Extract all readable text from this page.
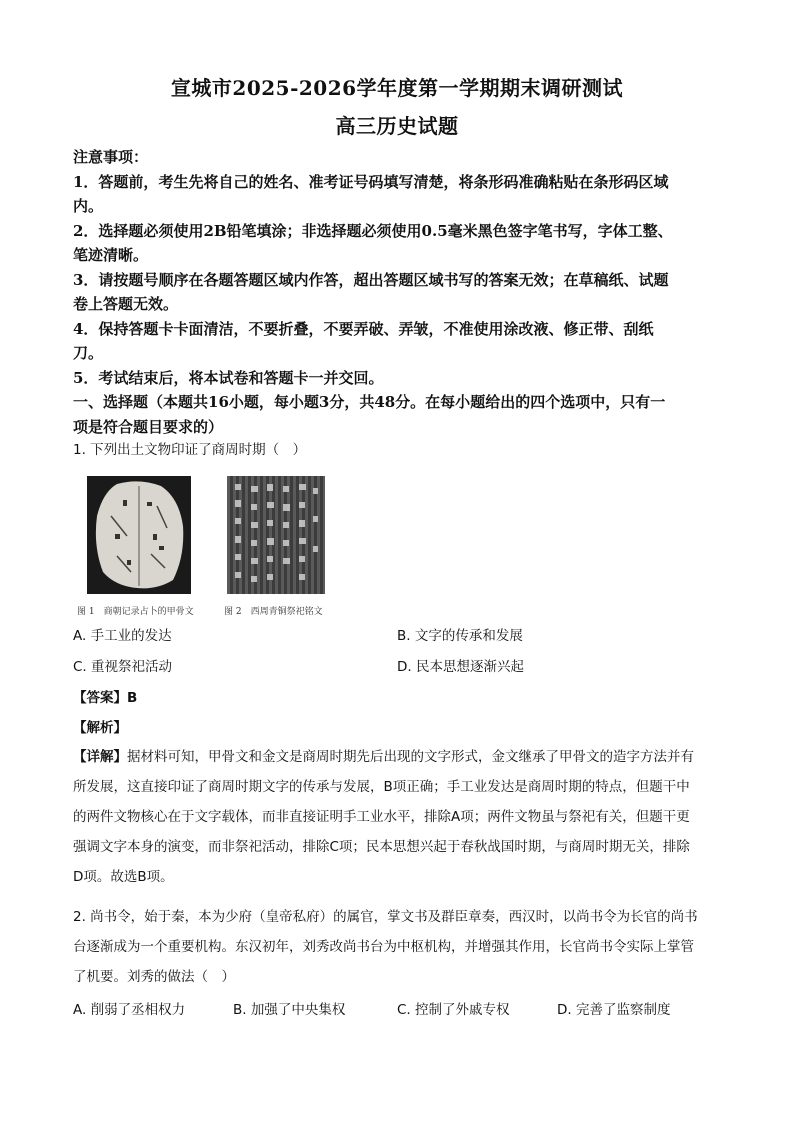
宣城市2025-2026学年度第一学期期末调研测试
高三历史试题
注意事项：
1．答题前，考生先将自己的姓名、准考证号码填写清楚，将条形码准确粘贴在条形码区域
内。
2．选择题必须使用2B铅笔填涂；非选择题必须使用0.5毫米黑色签字笔书写，字体工整、
笔迹清晰。
3．请按题号顺序在各题答题区域内作答，超出答题区域书写的答案无效；在草稿纸、试题
卷上答题无效。
4．保持答题卡卡面清洁，不要折叠，不要弄破、弄皱，不准使用涂改液、修正带、刮纸
刀。
5．考试结束后，将本试卷和答题卡一并交回。
一、选择题（本题共16小题，每小题3分，共48分。在每小题给出的四个选项中，只有一
项是符合题目要求的）
1. 下列出土文物印证了商周时期（　）
图 1　商朝记录占卜的甲骨文	图 2　西周青铜祭祀铭文
A. 手工业的发达	B. 文字的传承和发展
C. 重视祭祀活动	D. 民本思想逐渐兴起
【答案】B
【解析】
【详解】据材料可知，甲骨文和金文是商周时期先后出现的文字形式，金文继承了甲骨文的造字方法并有
所发展，这直接印证了商周时期文字的传承与发展，B项正确；手工业发达是商周时期的特点，但题干中
的两件文物核心在于文字载体，而非直接证明手工业水平，排除A项；两件文物虽与祭祀有关，但题干更
强调文字本身的演变，而非祭祀活动，排除C项；民本思想兴起于春秋战国时期，与商周时期无关，排除
D项。故选B项。
2. 尚书令，始于秦，本为少府（皇帝私府）的属官，掌文书及群臣章奏，西汉时，以尚书令为长官的尚书
台逐渐成为一个重要机构。东汉初年，刘秀改尚书台为中枢机构，并增强其作用，长官尚书令实际上掌管
了机要。刘秀的做法（　）
A. 削弱了丞相权力	B. 加强了中央集权	C. 控制了外戚专权	D. 完善了监察制度
